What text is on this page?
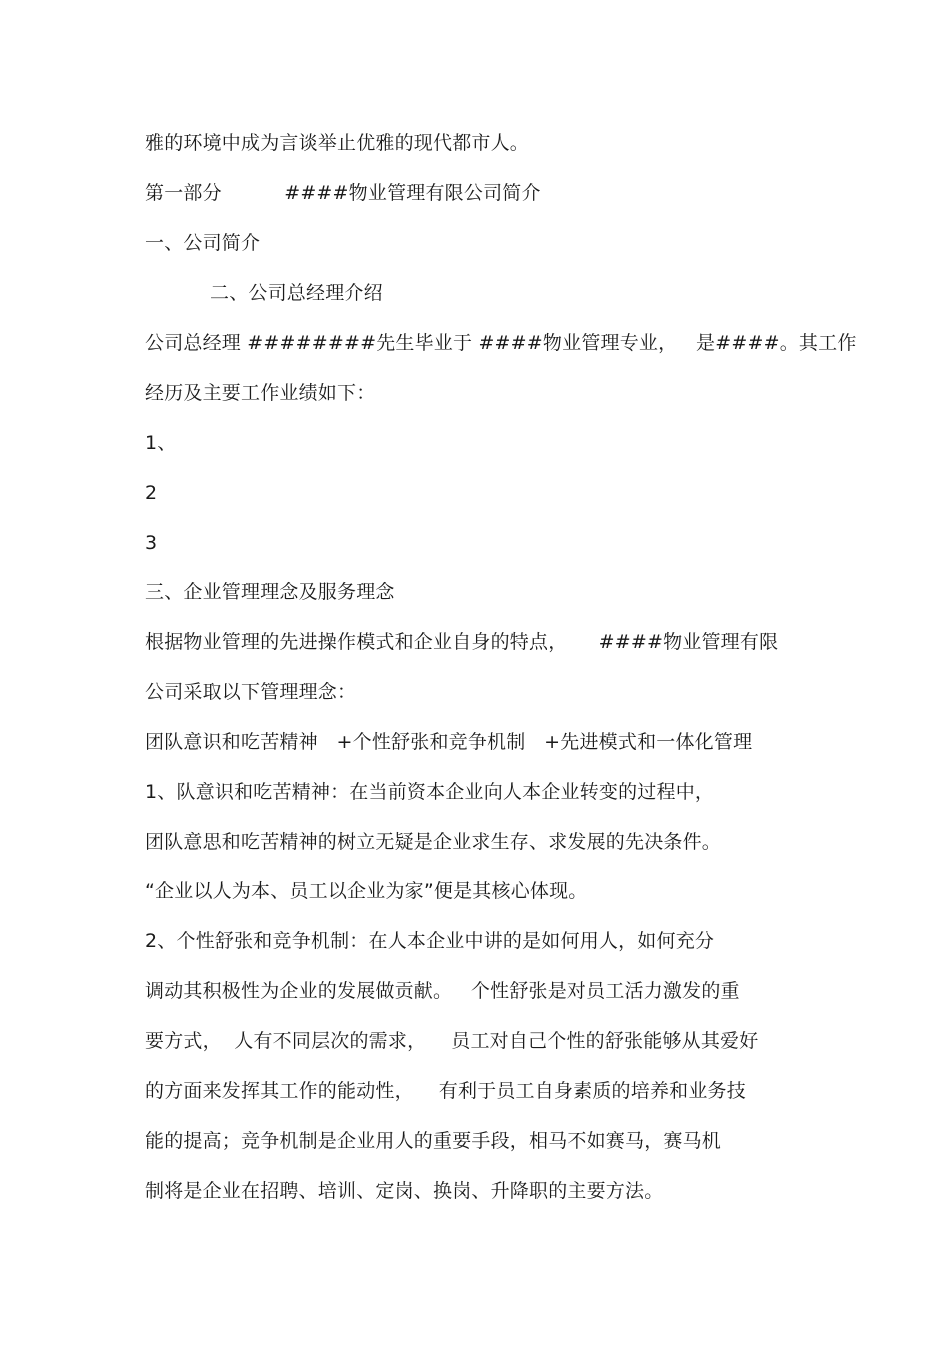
雅的环境中成为言谈举止优雅的现代都市人。
第一部分          ####物业管理有限公司简介
一、公司简介
二、公司总经理介绍
公司总经理 ########先生毕业于 ####物业管理专业，   是####。其工作
经历及主要工作业绩如下：
1、
2
3
三、企业管理理念及服务理念
根据物业管理的先进操作模式和企业自身的特点，     ####物业管理有限
公司采取以下管理理念：
团队意识和吃苦精神   +个性舒张和竞争机制   +先进模式和一体化管理
1、队意识和吃苦精神：在当前资本企业向人本企业转变的过程中，
团队意思和吃苦精神的树立无疑是企业求生存、求发展的先决条件。
“企业以人为本、员工以企业为家”便是其核心体现。
2、个性舒张和竞争机制：在人本企业中讲的是如何用人，如何充分
调动其积极性为企业的发展做贡献。   个性舒张是对员工活力激发的重
要方式，  人有不同层次的需求，    员工对自己个性的舒张能够从其爱好
的方面来发挥其工作的能动性，    有利于员工自身素质的培养和业务技
能的提高；竞争机制是企业用人的重要手段，相马不如赛马，赛马机
制将是企业在招聘、培训、定岗、换岗、升降职的主要方法。
